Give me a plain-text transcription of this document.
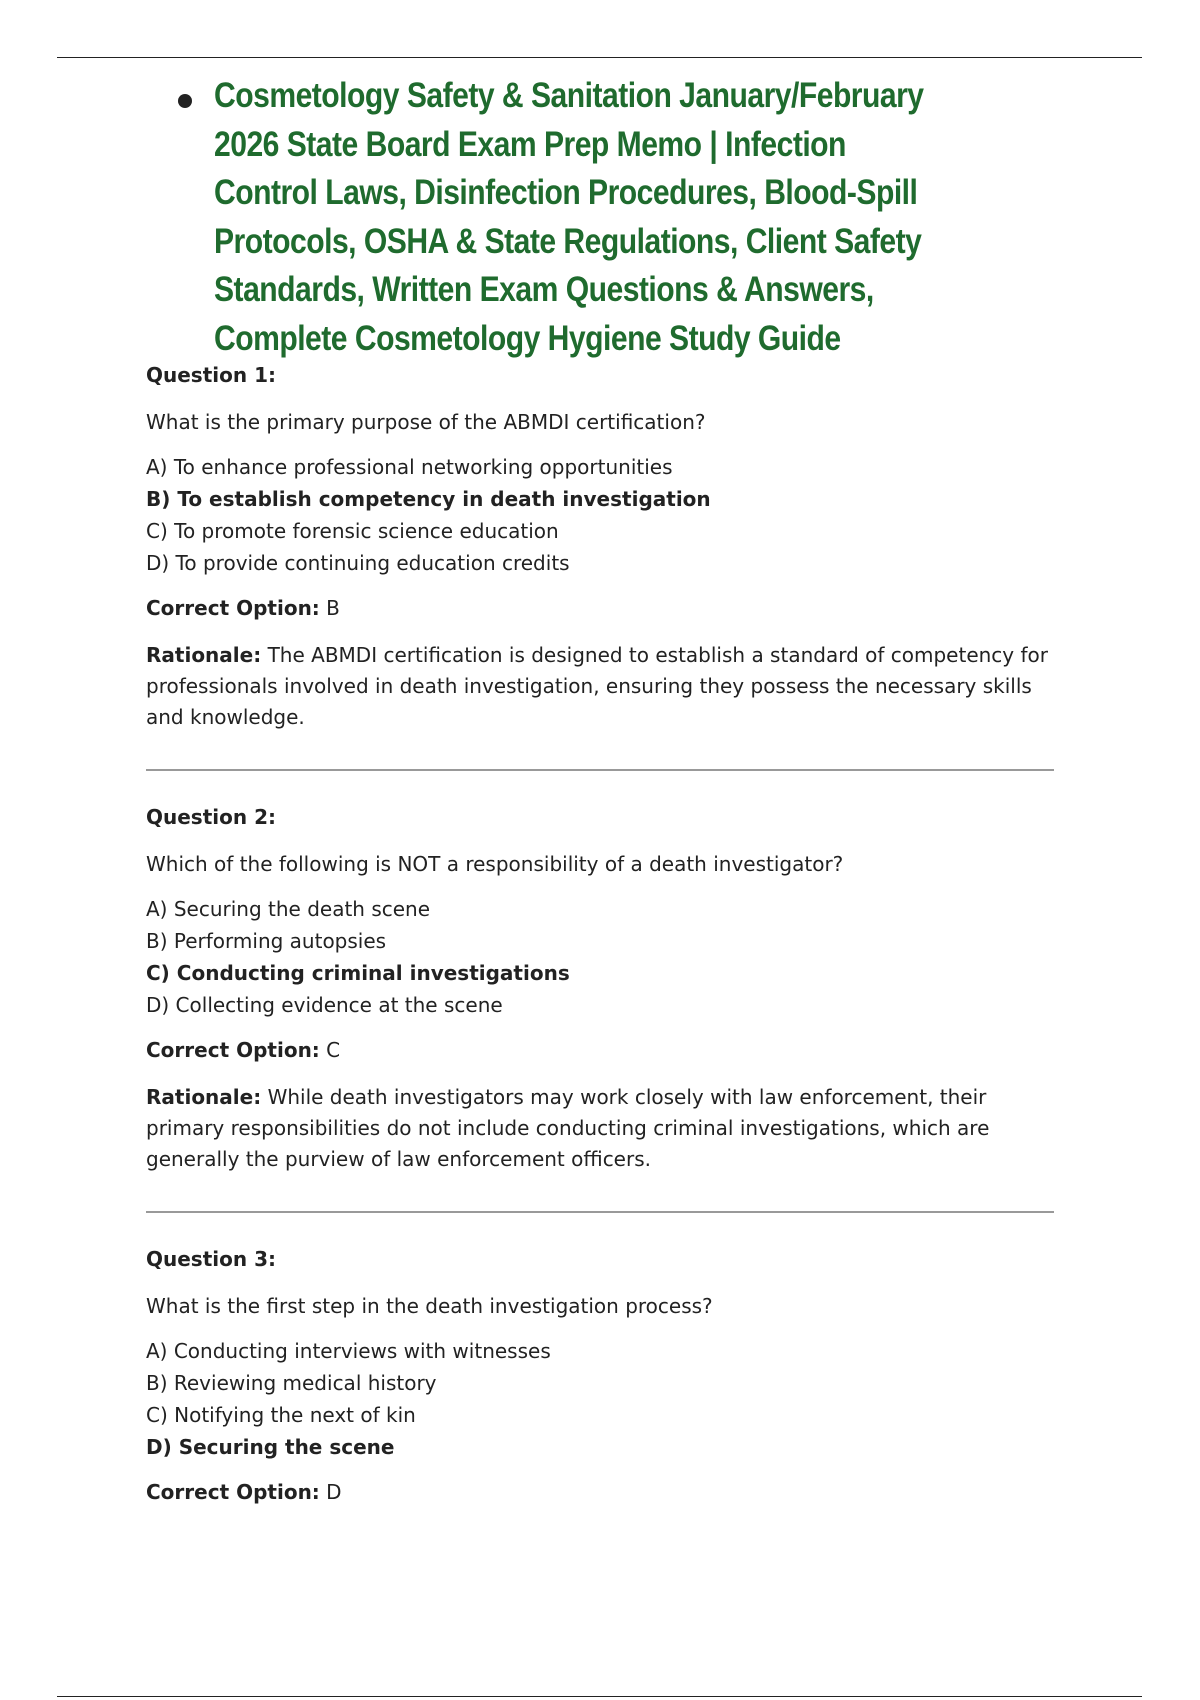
Cosmetology Safety & Sanitation January/February 2026 State Board Exam Prep Memo | Infection Control Laws, Disinfection Procedures, Blood-Spill Protocols, OSHA & State Regulations, Client Safety Standards, Written Exam Questions & Answers, Complete Cosmetology Hygiene Study Guide
Question 1:
What is the primary purpose of the ABMDI certification?
A) To enhance professional networking opportunities
B) To establish competency in death investigation
C) To promote forensic science education
D) To provide continuing education credits
Correct Option: B
Rationale: The ABMDI certification is designed to establish a standard of competency for professionals involved in death investigation, ensuring they possess the necessary skills and knowledge.
Question 2:
Which of the following is NOT a responsibility of a death investigator?
A) Securing the death scene
B) Performing autopsies
C) Conducting criminal investigations
D) Collecting evidence at the scene
Correct Option: C
Rationale: While death investigators may work closely with law enforcement, their primary responsibilities do not include conducting criminal investigations, which are generally the purview of law enforcement officers.
Question 3:
What is the first step in the death investigation process?
A) Conducting interviews with witnesses
B) Reviewing medical history
C) Notifying the next of kin
D) Securing the scene
Correct Option: D
